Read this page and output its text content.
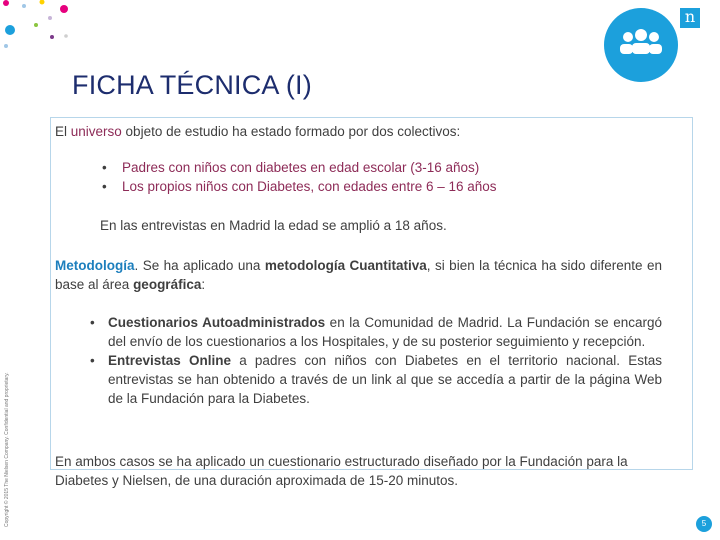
n
FICHA TÉCNICA (I)
El universo objeto de estudio ha estado formado por dos colectivos:
• Padres con niños con diabetes en edad escolar (3-16 años)
• Los propios niños con Diabetes, con edades entre 6 – 16 años
En las entrevistas en Madrid la edad se amplió a 18 años.
Metodología. Se ha aplicado una metodología Cuantitativa, si bien la técnica ha sido diferente en base al área geográfica:
• Cuestionarios Autoadministrados en la Comunidad de Madrid. La Fundación se encargó del envío de los cuestionarios a los Hospitales, y de su posterior seguimiento y recepción.
• Entrevistas Online a padres con niños con Diabetes en el territorio nacional. Estas entrevistas se han obtenido a través de un link al que se accedía a partir de la página Web de la Fundación para la Diabetes.
En ambos casos se ha aplicado un cuestionario estructurado diseñado por la Fundación para la Diabetes y Nielsen, de una duración aproximada de 15-20 minutos.
Copyright © 2015 The Nielsen Company. Confidential and proprietary.	5
